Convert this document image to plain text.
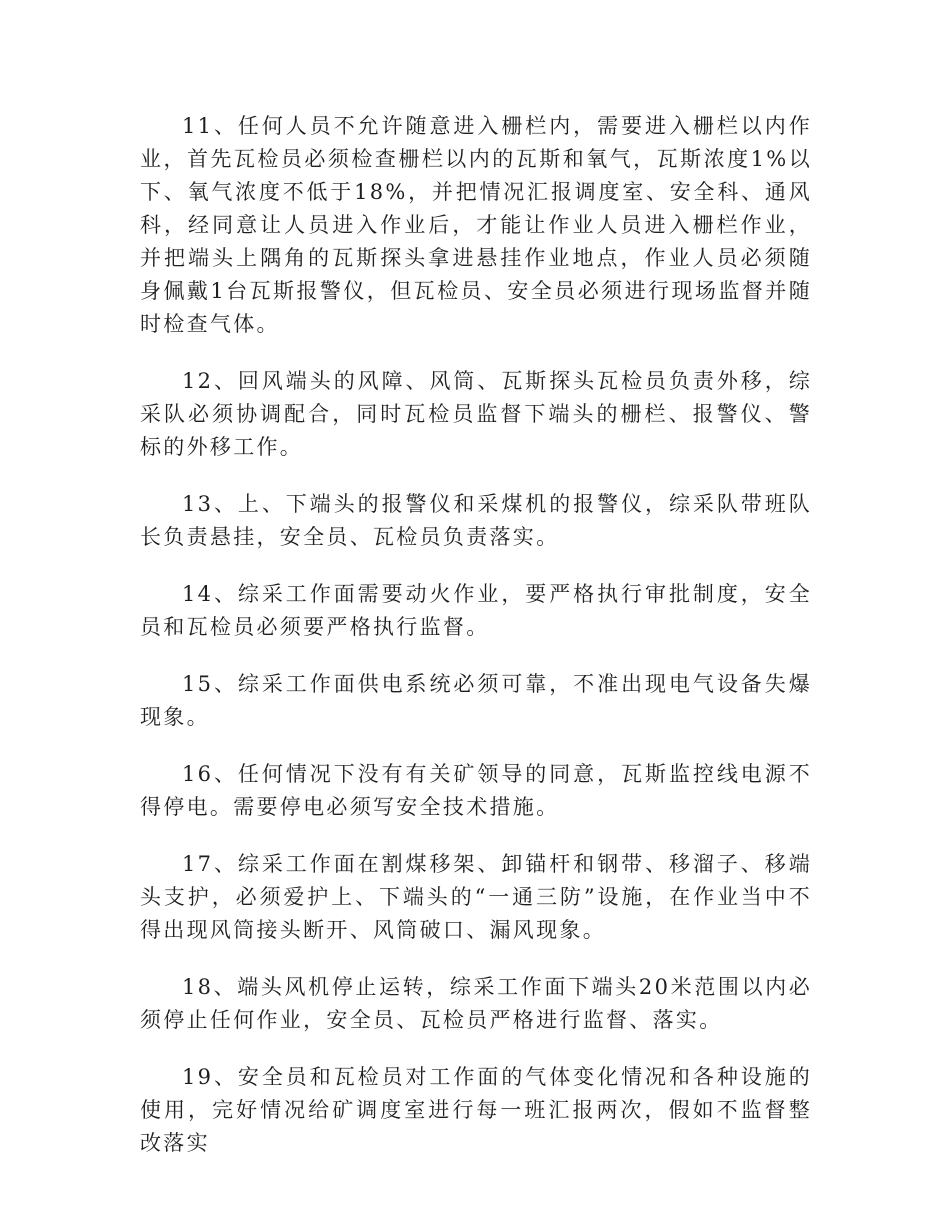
11、任何人员不允许随意进入栅栏内，需要进入栅栏以内作业，首先瓦检员必须检查栅栏以内的瓦斯和氧气，瓦斯浓度1%以下、氧气浓度不低于18%，并把情况汇报调度室、安全科、通风科，经同意让人员进入作业后，才能让作业人员进入栅栏作业，并把端头上隅角的瓦斯探头拿进悬挂作业地点，作业人员必须随身佩戴1台瓦斯报警仪，但瓦检员、安全员必须进行现场监督并随时检查气体。

12、回风端头的风障、风筒、瓦斯探头瓦检员负责外移，综采队必须协调配合，同时瓦检员监督下端头的栅栏、报警仪、警标的外移工作。

13、上、下端头的报警仪和采煤机的报警仪，综采队带班队长负责悬挂，安全员、瓦检员负责落实。

14、综采工作面需要动火作业，要严格执行审批制度，安全员和瓦检员必须要严格执行监督。

15、综采工作面供电系统必须可靠，不准出现电气设备失爆现象。

16、任何情况下没有有关矿领导的同意，瓦斯监控线电源不得停电。需要停电必须写安全技术措施。

17、综采工作面在割煤移架、卸锚杆和钢带、移溜子、移端头支护，必须爱护上、下端头的“一通三防”设施，在作业当中不得出现风筒接头断开、风筒破口、漏风现象。

18、端头风机停止运转，综采工作面下端头20米范围以内必须停止任何作业，安全员、瓦检员严格进行监督、落实。

19、安全员和瓦检员对工作面的气体变化情况和各种设施的使用，完好情况给矿调度室进行每一班汇报两次，假如不监督整改落实
